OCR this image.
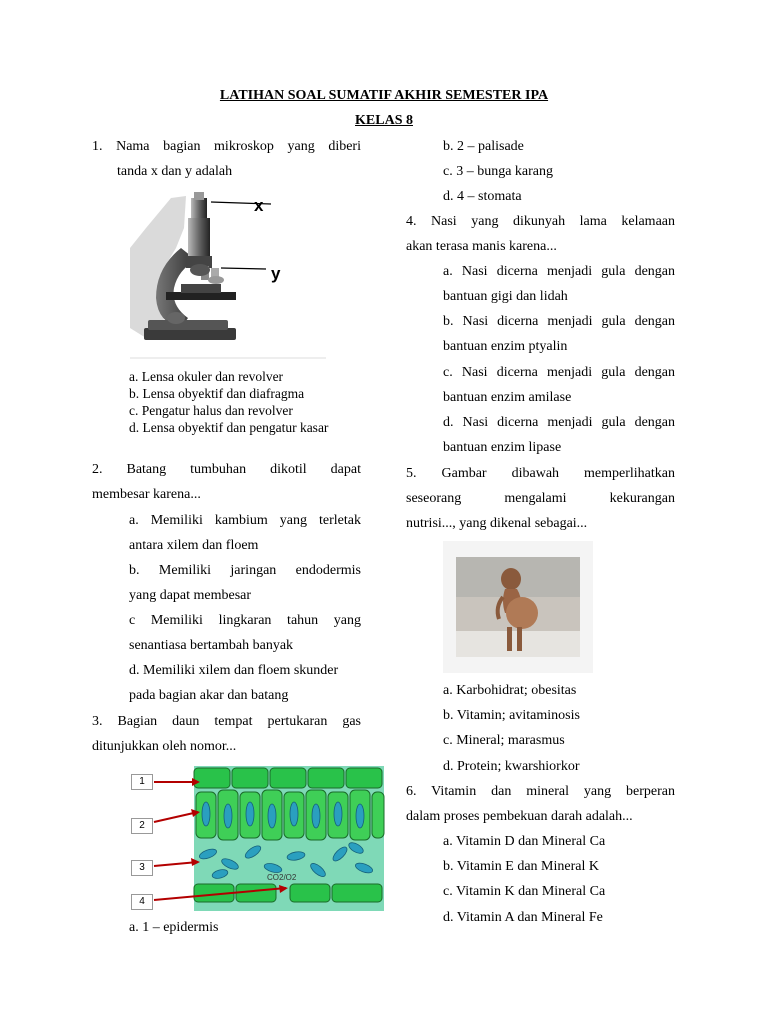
LATIHAN SOAL SUMATIF AKHIR SEMESTER IPA
KELAS 8
1. Nama bagian mikroskop yang diberi
tanda x dan y adalah
x
y
a. Lensa okuler dan revolver
b. Lensa obyektif dan diafragma
c. Pengatur halus dan revolver
d. Lensa obyektif dan pengatur kasar
2. Batang tumbuhan dikotil dapat
membesar karena...
a. Memiliki kambium yang terletak
antara xilem dan floem
b. Memiliki jaringan endodermis
yang dapat membesar
c Memiliki lingkaran tahun yang
senantiasa bertambah banyak
d. Memiliki xilem dan floem skunder
pada bagian akar dan batang
3. Bagian daun tempat pertukaran gas
ditunjukkan oleh nomor...
1
2
3
4
CO2/O2
a. 1 – epidermis
b. 2 – palisade
c. 3 – bunga karang
d. 4 – stomata
4. Nasi yang dikunyah lama kelamaan
akan terasa manis karena...
a. Nasi dicerna menjadi gula dengan
bantuan gigi dan lidah
b. Nasi dicerna menjadi gula dengan
bantuan enzim ptyalin
c. Nasi dicerna menjadi gula dengan
bantuan enzim amilase
d. Nasi dicerna menjadi gula dengan
bantuan enzim lipase
5. Gambar dibawah memperlihatkan
seseorang mengalami kekurangan
nutrisi..., yang dikenal sebagai...
a. Karbohidrat; obesitas
b. Vitamin; avitaminosis
c. Mineral; marasmus
d. Protein; kwarshiorkor
6. Vitamin dan mineral yang berperan
dalam proses pembekuan darah adalah...
a. Vitamin D dan Mineral Ca
b. Vitamin E dan Mineral K
c. Vitamin K dan Mineral Ca
d. Vitamin A dan Mineral Fe
